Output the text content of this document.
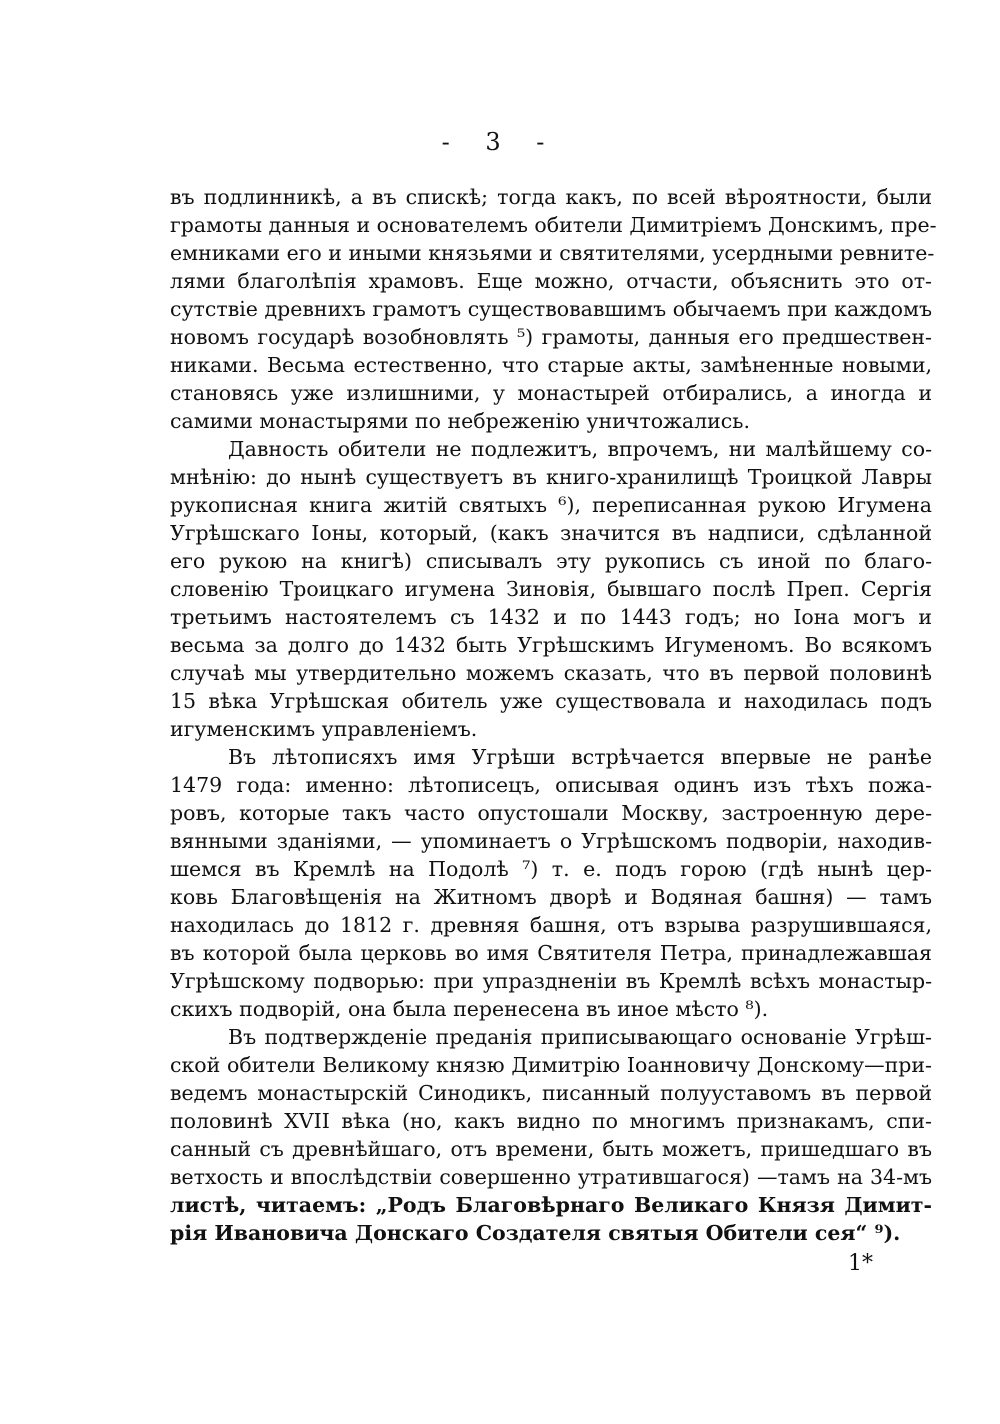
- 3 -
въ подлинникѣ, а въ спискѣ; тогда какъ, по всей вѣроятности, были
грамоты данныя и основателемъ обители Димитріемъ Донскимъ, пре-
емниками его и иными князьями и святителями, усердными ревните-
лями благолѣпія храмовъ. Еще можно, отчасти, объяснить это от-
сутствіе древнихъ грамотъ существовавшимъ обычаемъ при каждомъ
новомъ государѣ возобновлять ⁵) грамоты, данныя его предшествен-
никами. Весьма естественно, что старые акты, замѣненные новыми,
становясь уже излишними, у монастырей отбирались, а иногда и
самими монастырями по небреженію уничтожались.
Давность обители не подлежитъ, впрочемъ, ни малѣйшему со-
мнѣнію: до нынѣ существуетъ въ книго-хранилищѣ Троицкой Лавры
рукописная книга житій святыхъ ⁶), переписанная рукою Игумена
Угрѣшскаго Іоны, который, (какъ значится въ надписи, сдѣланной
его рукою на книгѣ) списывалъ эту рукопись съ иной по благо-
словенію Троицкаго игумена Зиновія, бывшаго послѣ Преп. Сергія
третьимъ настоятелемъ съ 1432 и по 1443 годъ; но Іона могъ и
весьма за долго до 1432 быть Угрѣшскимъ Игуменомъ. Во всякомъ
случаѣ мы утвердительно можемъ сказать, что въ первой половинѣ
15 вѣка Угрѣшская обитель уже существовала и находилась подъ
игуменскимъ управленіемъ.
Въ лѣтописяхъ имя Угрѣши встрѣчается впервые не ранѣе
1479 года: именно: лѣтописецъ, описывая одинъ изъ тѣхъ пожа-
ровъ, которые такъ часто опустошали Москву, застроенную дере-
вянными зданіями, — упоминаетъ о Угрѣшскомъ подворіи, находив-
шемся въ Кремлѣ на Подолѣ ⁷) т. е. подъ горою (гдѣ нынѣ цер-
ковь Благовѣщенія на Житномъ дворѣ и Водяная башня) — тамъ
находилась до 1812 г. древняя башня, отъ взрыва разрушившаяся,
въ которой была церковь во имя Святителя Петра, принадлежавшая
Угрѣшскому подворью: при упраздненіи въ Кремлѣ всѣхъ монастыр-
скихъ подворій, она была перенесена въ иное мѣсто ⁸).
Въ подтвержденіе преданія приписывающаго основаніе Угрѣш-
ской обители Великому князю Димитрію Іоанновичу Донскому—при-
ведемъ монастырскій Синодикъ, писанный полууставомъ въ первой
половинѣ XVII вѣка (но, какъ видно по многимъ признакамъ, спи-
санный съ древнѣйшаго, отъ времени, быть можетъ, пришедшаго въ
ветхость и впослѣдствіи совершенно утратившагося) —тамъ на 34-мъ
листѣ, читаемъ: „Родъ Благовѣрнаго Великаго Князя Димит-
рія Ивановича Донскаго Создателя святыя Обители сея“ ⁹).
1*
